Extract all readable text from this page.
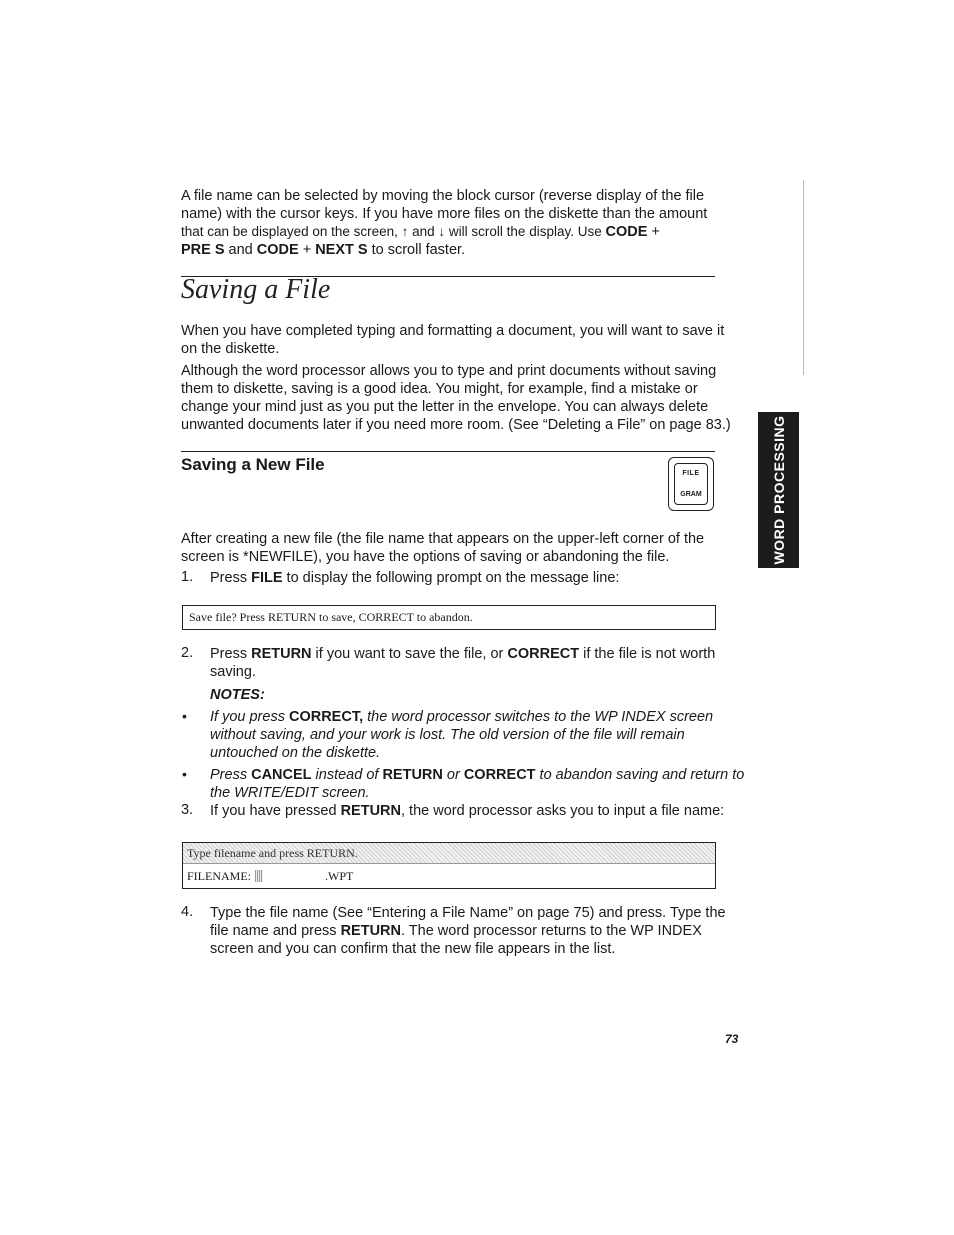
A file name can be selected by moving the block cursor (reverse display of the file
name) with the cursor keys. If you have more files on the diskette than the amount
that can be displayed on the screen, ↑ and ↓ will scroll the display. Use CODE +
PRE S and CODE + NEXT S to scroll faster.

Saving a File

When you have completed typing and formatting a document, you will want to save it on the diskette.

Although the word processor allows you to type and print documents without saving them to diskette, saving is a good idea. You might, for example, find a mistake or change your mind just as you put the letter in the envelope. You can always delete unwanted documents later if you need more room. (See “Deleting a File” on page 83.)

Saving a New File	FILE
GRAM

After creating a new file (the file name that appears on the upper-left corner of the screen is *NEWFILE), you have the options of saving or abandoning the file.

1. Press FILE to display the following prompt on the message line:

Save file? Press RETURN to save, CORRECT to abandon.
2. Press RETURN if you want to save the file, or CORRECT if the file is not worth saving.

NOTES:

• If you press CORRECT, the word processor switches to the WP INDEX screen without saving, and your work is lost. The old version of the file will remain untouched on the diskette.

• Press CANCEL instead of RETURN or CORRECT to abandon saving and return to the WRITE/EDIT screen.

3. If you have pressed RETURN, the word processor asks you to input a file name:

Type filename and press RETURN.
FILENAME:	.WPT
4. Type the file name (See “Entering a File Name” on page 75) and press. Type the file name and press RETURN. The word processor returns to the WP INDEX screen and you can confirm that the new file appears in the list.

WORD PROCESSING
73
